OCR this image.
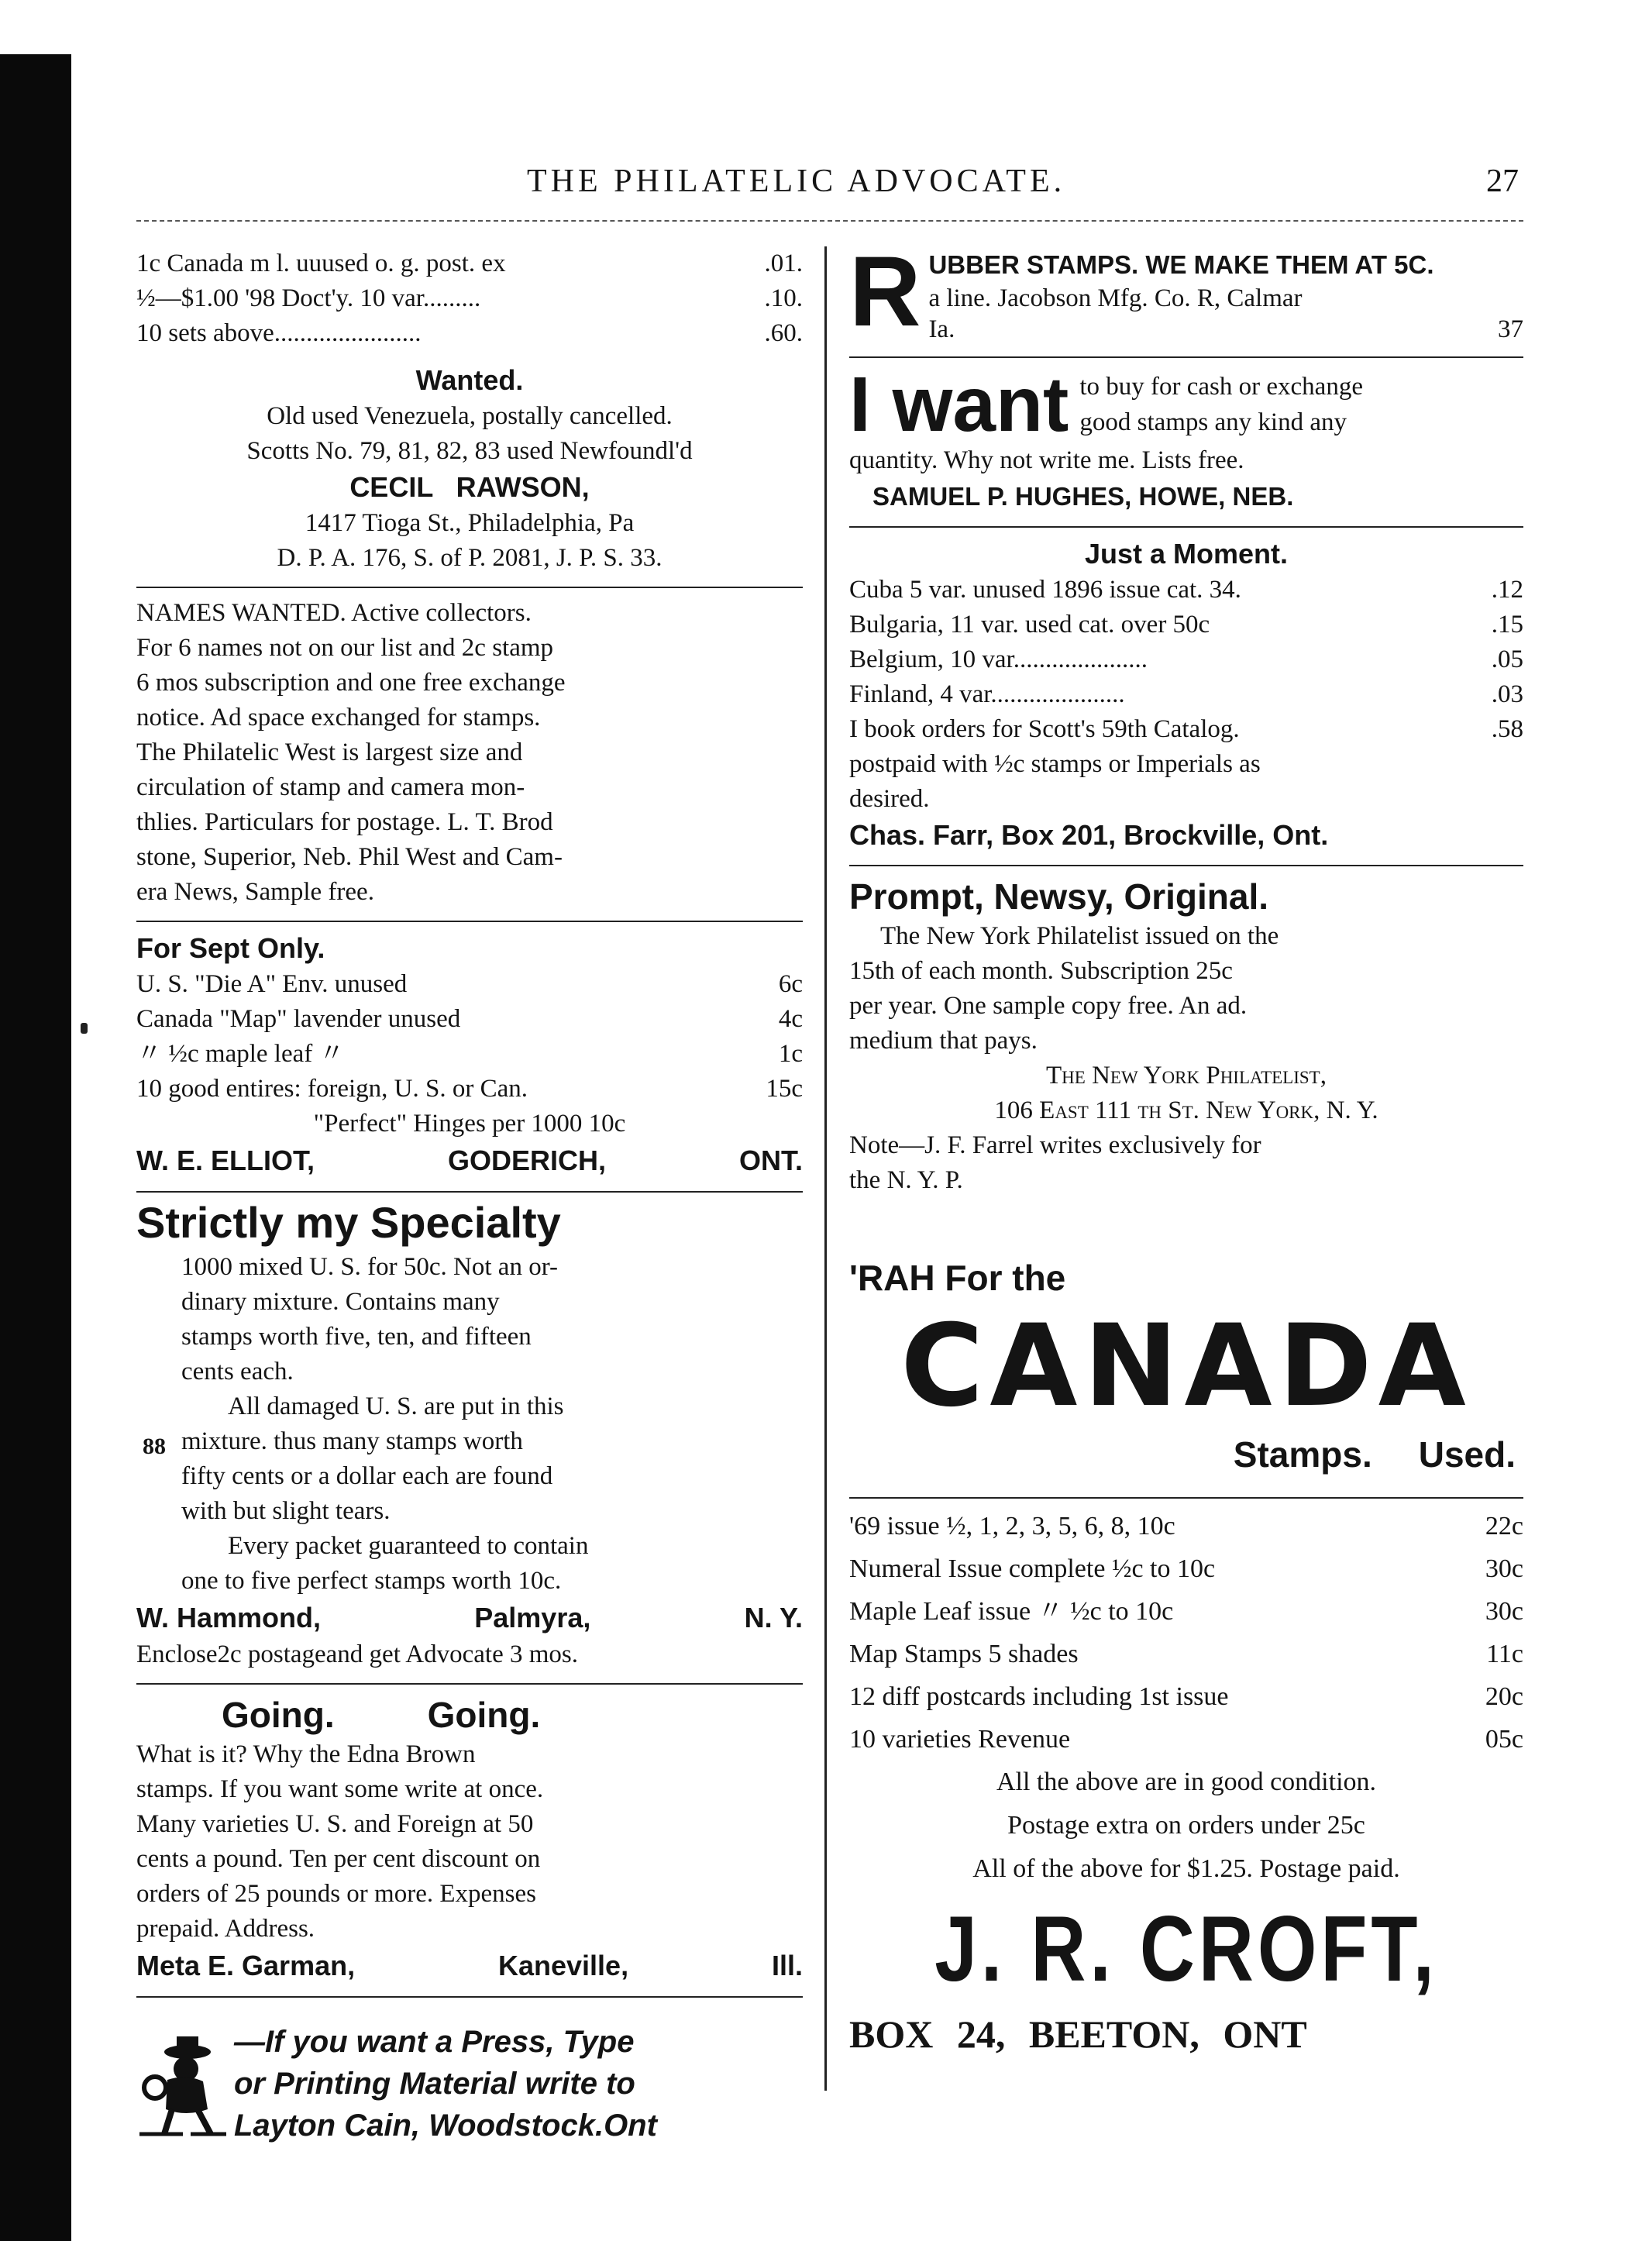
THE PHILATELIC ADVOCATE.	27

1c Canada m l. uuused o. g. post. ex	.01.

½—$1.00 '98 Doct'y. 10 var.........	.10.

10 sets above.......................	.60.

Wanted.

Old used Venezuela, postally cancelled.

Scotts No. 79, 81, 82, 83 used Newfoundl'd

CECIL RAWSON,

1417 Tioga St., Philadelphia, Pa

D. P. A. 176, S. of P. 2081, J. P. S. 33.

NAMES WANTED. Active collectors.

For 6 names not on our list and 2c stamp

6 mos subscription and one free exchange

notice. Ad space exchanged for stamps.

The Philatelic West is largest size and

circulation of stamp and camera mon-

thlies. Particulars for postage. L. T. Brod

stone, Superior, Neb. Phil West and Cam-

era News, Sample free.

For Sept Only.

U. S. "Die A" Env. unused	6c

Canada "Map" lavender unused	4c

〃 ½c maple leaf 〃	1c

10 good entires: foreign, U. S. or Can.	15c

"Perfect" Hinges per 1000 10c

W. E. ELLIOT,	GODERICH,	ONT.

Strictly my Specialty

1000 mixed U. S. for 50c. Not an or-

dinary mixture. Contains many

stamps worth five, ten, and fifteen

cents each.

All damaged U. S. are put in this

mixture. thus many stamps worth

fifty cents or a dollar each are found

with but slight tears.

Every packet guaranteed to contain

one to five perfect stamps worth 10c.

W. Hammond,	Palmyra,	N. Y.

Enclose2c postageand get Advocate 3 mos.

Going.	Going.

What is it? Why the Edna Brown

stamps. If you want some write at once.

Many varieties U. S. and Foreign at 50

cents a pound. Ten per cent discount on

orders of 25 pounds or more. Expenses

prepaid. Address.

Meta E. Garman,	Kaneville,	Ill.

—If you want a Press, Type

or Printing Material write to

Layton Cain, Woodstock.Ont

88
R UBBER STAMPS. WE MAKE THEM AT 5C.

a line. Jacobson Mfg. Co. R, Calmar

Ia.	37

I want to buy for cash or exchange

good stamps any kind any

quantity. Why not write me. Lists free.

SAMUEL P. HUGHES, HOWE, NEB.

Just a Moment.

Cuba 5 var. unused 1896 issue cat. 34.	.12

Bulgaria, 11 var. used cat. over 50c	.15

Belgium, 10 var.....................	.05

Finland, 4 var.....................	.03

I book orders for Scott's 59th Catalog.	.58

postpaid with ½c stamps or Imperials as

desired.

Chas. Farr, Box 201, Brockville, Ont.

Prompt, Newsy, Original.

The New York Philatelist issued on the

15th of each month. Subscription 25c

per year. One sample copy free. An ad.

medium that pays.

The New York Philatelist,

106 East 111 th St. New York, N. Y.

Note—J. F. Farrel writes exclusively for

the N. Y. P.

'RAH For the

CANADA

Stamps. Used.

'69 issue ½, 1, 2, 3, 5, 6, 8, 10c	22c

Numeral Issue complete ½c to 10c	30c

Maple Leaf issue 〃 ½c to 10c	30c

Map Stamps 5 shades	11c

12 diff postcards including 1st issue	20c

10 varieties Revenue	05c

All the above are in good condition.

Postage extra on orders under 25c

All of the above for $1.25. Postage paid.

J. R. CROFT,

BOX 24, BEETON, ONT
